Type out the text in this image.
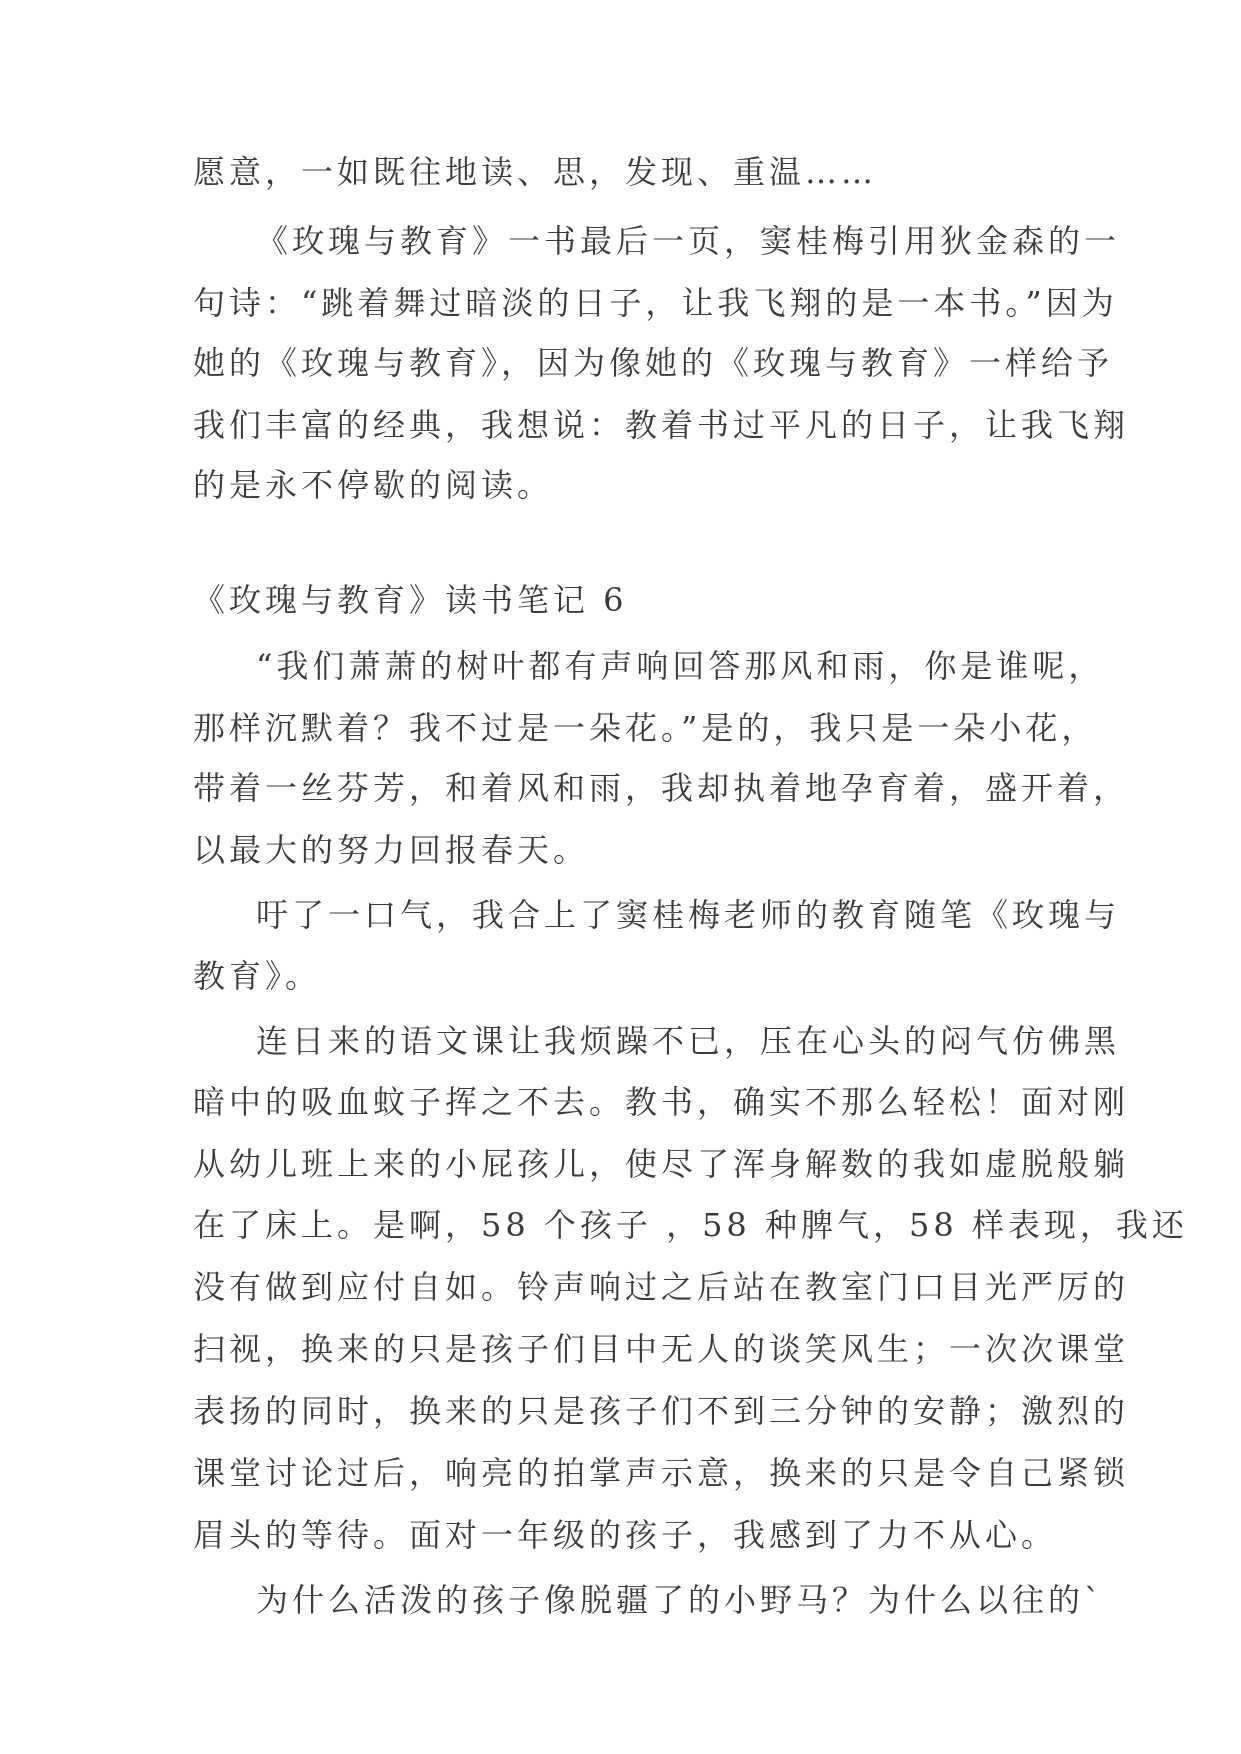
愿意，一如既往地读、思，发现、重温……
《玫瑰与教育》一书最后一页，窦桂梅引用狄金森的一
句诗：“跳着舞过暗淡的日子，让我飞翔的是一本书。”因为
她的《玫瑰与教育》，因为像她的《玫瑰与教育》一样给予
我们丰富的经典，我想说：教着书过平凡的日子，让我飞翔
的是永不停歇的阅读。
《玫瑰与教育》读书笔记 6
“我们萧萧的树叶都有声响回答那风和雨，你是谁呢，
那样沉默着？我不过是一朵花。”是的，我只是一朵小花，
带着一丝芬芳，和着风和雨，我却执着地孕育着，盛开着，
以最大的努力回报春天。
吁了一口气，我合上了窦桂梅老师的教育随笔《玫瑰与
教育》。
连日来的语文课让我烦躁不已，压在心头的闷气仿佛黑
暗中的吸血蚊子挥之不去。教书，确实不那么轻松！面对刚
从幼儿班上来的小屁孩儿，使尽了浑身解数的我如虚脱般躺
在了床上。是啊，58 个孩子 ，58 种脾气，58 样表现，我还
没有做到应付自如。铃声响过之后站在教室门口目光严厉的
扫视，换来的只是孩子们目中无人的谈笑风生；一次次课堂
表扬的同时，换来的只是孩子们不到三分钟的安静；激烈的
课堂讨论过后，响亮的拍掌声示意，换来的只是令自己紧锁
眉头的等待。面对一年级的孩子，我感到了力不从心。
为什么活泼的孩子像脱疆了的小野马？为什么以往的`
